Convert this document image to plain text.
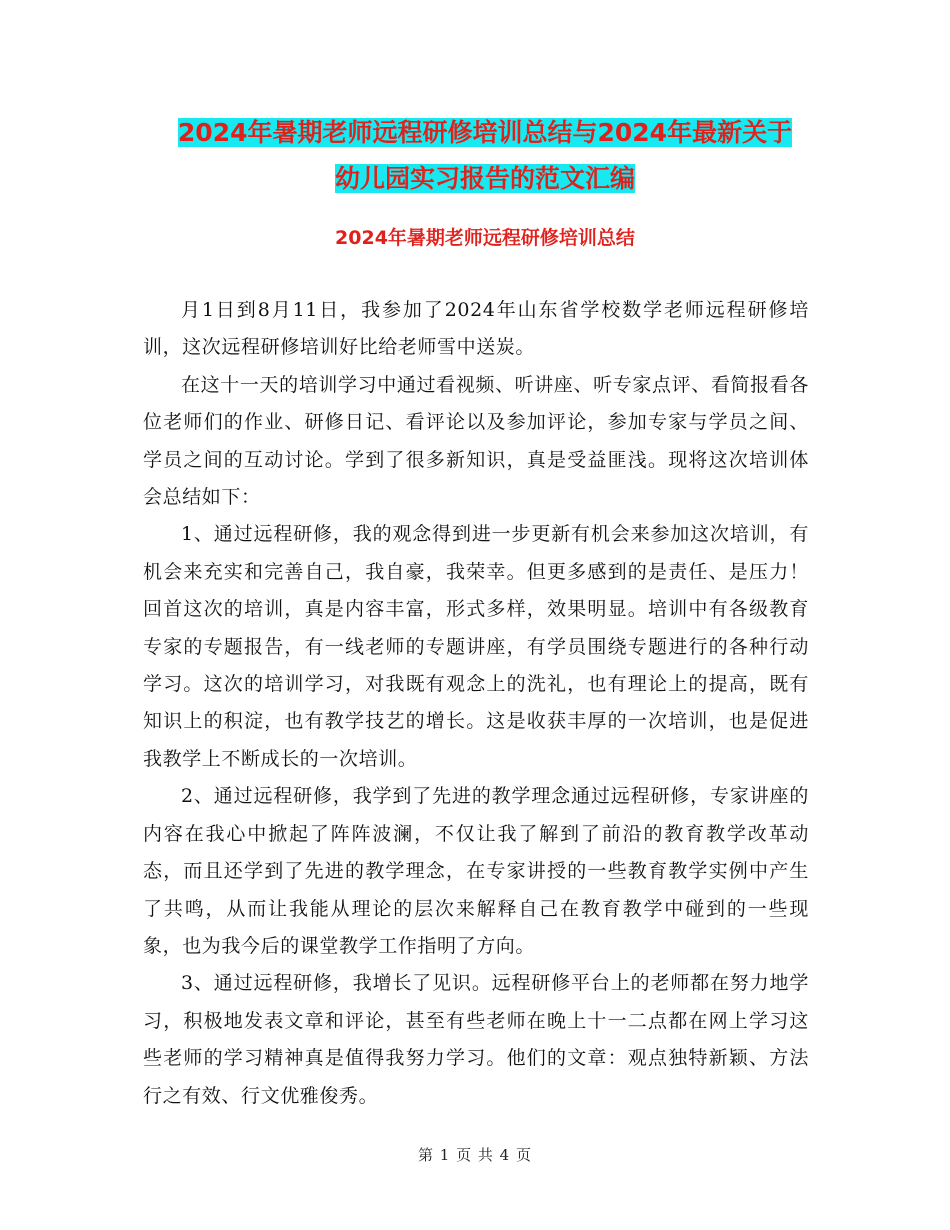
2024年暑期老师远程研修培训总结与2024年最新关于
幼儿园实习报告的范文汇编
2024年暑期老师远程研修培训总结

月1日到8月11日，我参加了2024年山东省学校数学老师远程研修培训，这次远程研修培训好比给老师雪中送炭。

在这十一天的培训学习中通过看视频、听讲座、听专家点评、看简报看各位老师们的作业、研修日记、看评论以及参加评论，参加专家与学员之间、学员之间的互动讨论。学到了很多新知识，真是受益匪浅。现将这次培训体会总结如下：

1、通过远程研修，我的观念得到进一步更新有机会来参加这次培训，有机会来充实和完善自己，我自豪，我荣幸。但更多感到的是责任、是压力！回首这次的培训，真是内容丰富，形式多样，效果明显。培训中有各级教育专家的专题报告，有一线老师的专题讲座，有学员围绕专题进行的各种行动学习。这次的培训学习，对我既有观念上的洗礼，也有理论上的提高，既有知识上的积淀，也有教学技艺的增长。这是收获丰厚的一次培训，也是促进我教学上不断成长的一次培训。

2、通过远程研修，我学到了先进的教学理念通过远程研修，专家讲座的内容在我心中掀起了阵阵波澜，不仅让我了解到了前沿的教育教学改革动态，而且还学到了先进的教学理念，在专家讲授的一些教育教学实例中产生了共鸣，从而让我能从理论的层次来解释自己在教育教学中碰到的一些现象，也为我今后的课堂教学工作指明了方向。

3、通过远程研修，我增长了见识。远程研修平台上的老师都在努力地学习，积极地发表文章和评论，甚至有些老师在晚上十一二点都在网上学习这些老师的学习精神真是值得我努力学习。他们的文章：观点独特新颖、方法行之有效、行文优雅俊秀。

第 1 页 共 4 页
